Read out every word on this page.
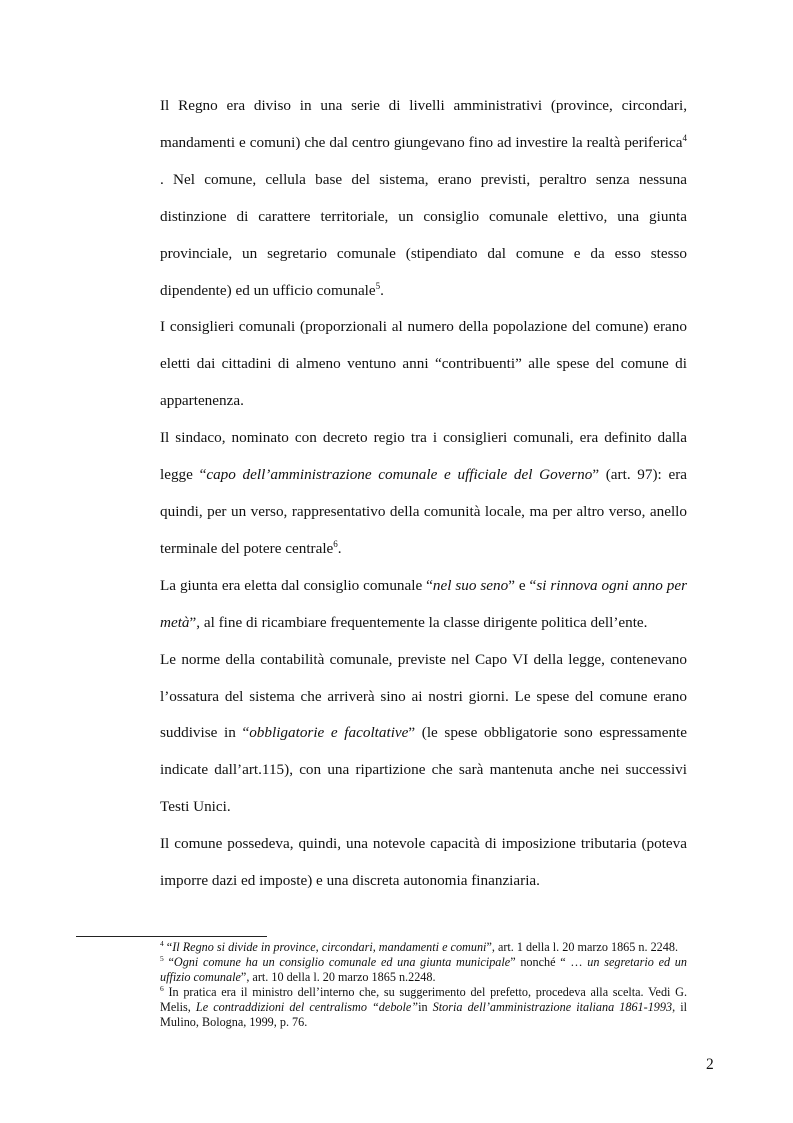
Il Regno era diviso in una serie di livelli amministrativi (province, circondari, mandamenti e comuni) che dal centro giungevano fino ad investire la realtà periferica$^4$ . Nel comune, cellula base del sistema, erano previsti, peraltro senza nessuna distinzione di carattere territoriale, un consiglio comunale elettivo, una giunta provinciale, un segretario comunale (stipendiato dal comune e da esso stesso dipendente) ed un ufficio comunale$^5$.

I consiglieri comunali (proporzionali al numero della popolazione del comune) erano eletti dai cittadini di almeno ventuno anni “contribuenti” alle spese del comune di appartenenza.

Il sindaco, nominato con decreto regio tra i consiglieri comunali, era definito dalla legge “capo dell’amministrazione comunale e ufficiale del Governo” (art. 97): era quindi, per un verso, rappresentativo della comunità locale, ma per altro verso, anello terminale del potere centrale$^6$.

La giunta era eletta dal consiglio comunale “nel suo seno” e “si rinnova ogni anno per metà”, al fine di ricambiare frequentemente la classe dirigente politica dell’ente.

Le norme della contabilità comunale, previste nel Capo VI della legge, contenevano l’ossatura del sistema che arriverà sino ai nostri giorni. Le spese del comune erano suddivise in “obbligatorie e facoltative” (le spese obbligatorie sono espressamente indicate dall’art.115), con una ripartizione che sarà mantenuta anche nei successivi Testi Unici.

Il comune possedeva, quindi, una notevole capacità di imposizione tributaria (poteva imporre dazi ed imposte) e una discreta autonomia finanziaria.

$^4$ “Il Regno si divide in province, circondari, mandamenti e comuni”, art. 1 della l. 20 marzo 1865 n. 2248.

$^5$ “Ogni comune ha un consiglio comunale ed una giunta municipale” nonché “ … un segretario ed un uffizio comunale”, art. 10 della l. 20 marzo 1865 n.2248.

$^6$ In pratica era il ministro dell’interno che, su suggerimento del prefetto, procedeva alla scelta. Vedi G. Melis, Le contraddizioni del centralismo “debole”in Storia dell’amministrazione italiana 1861-1993, il Mulino, Bologna, 1999, p. 76.

2
